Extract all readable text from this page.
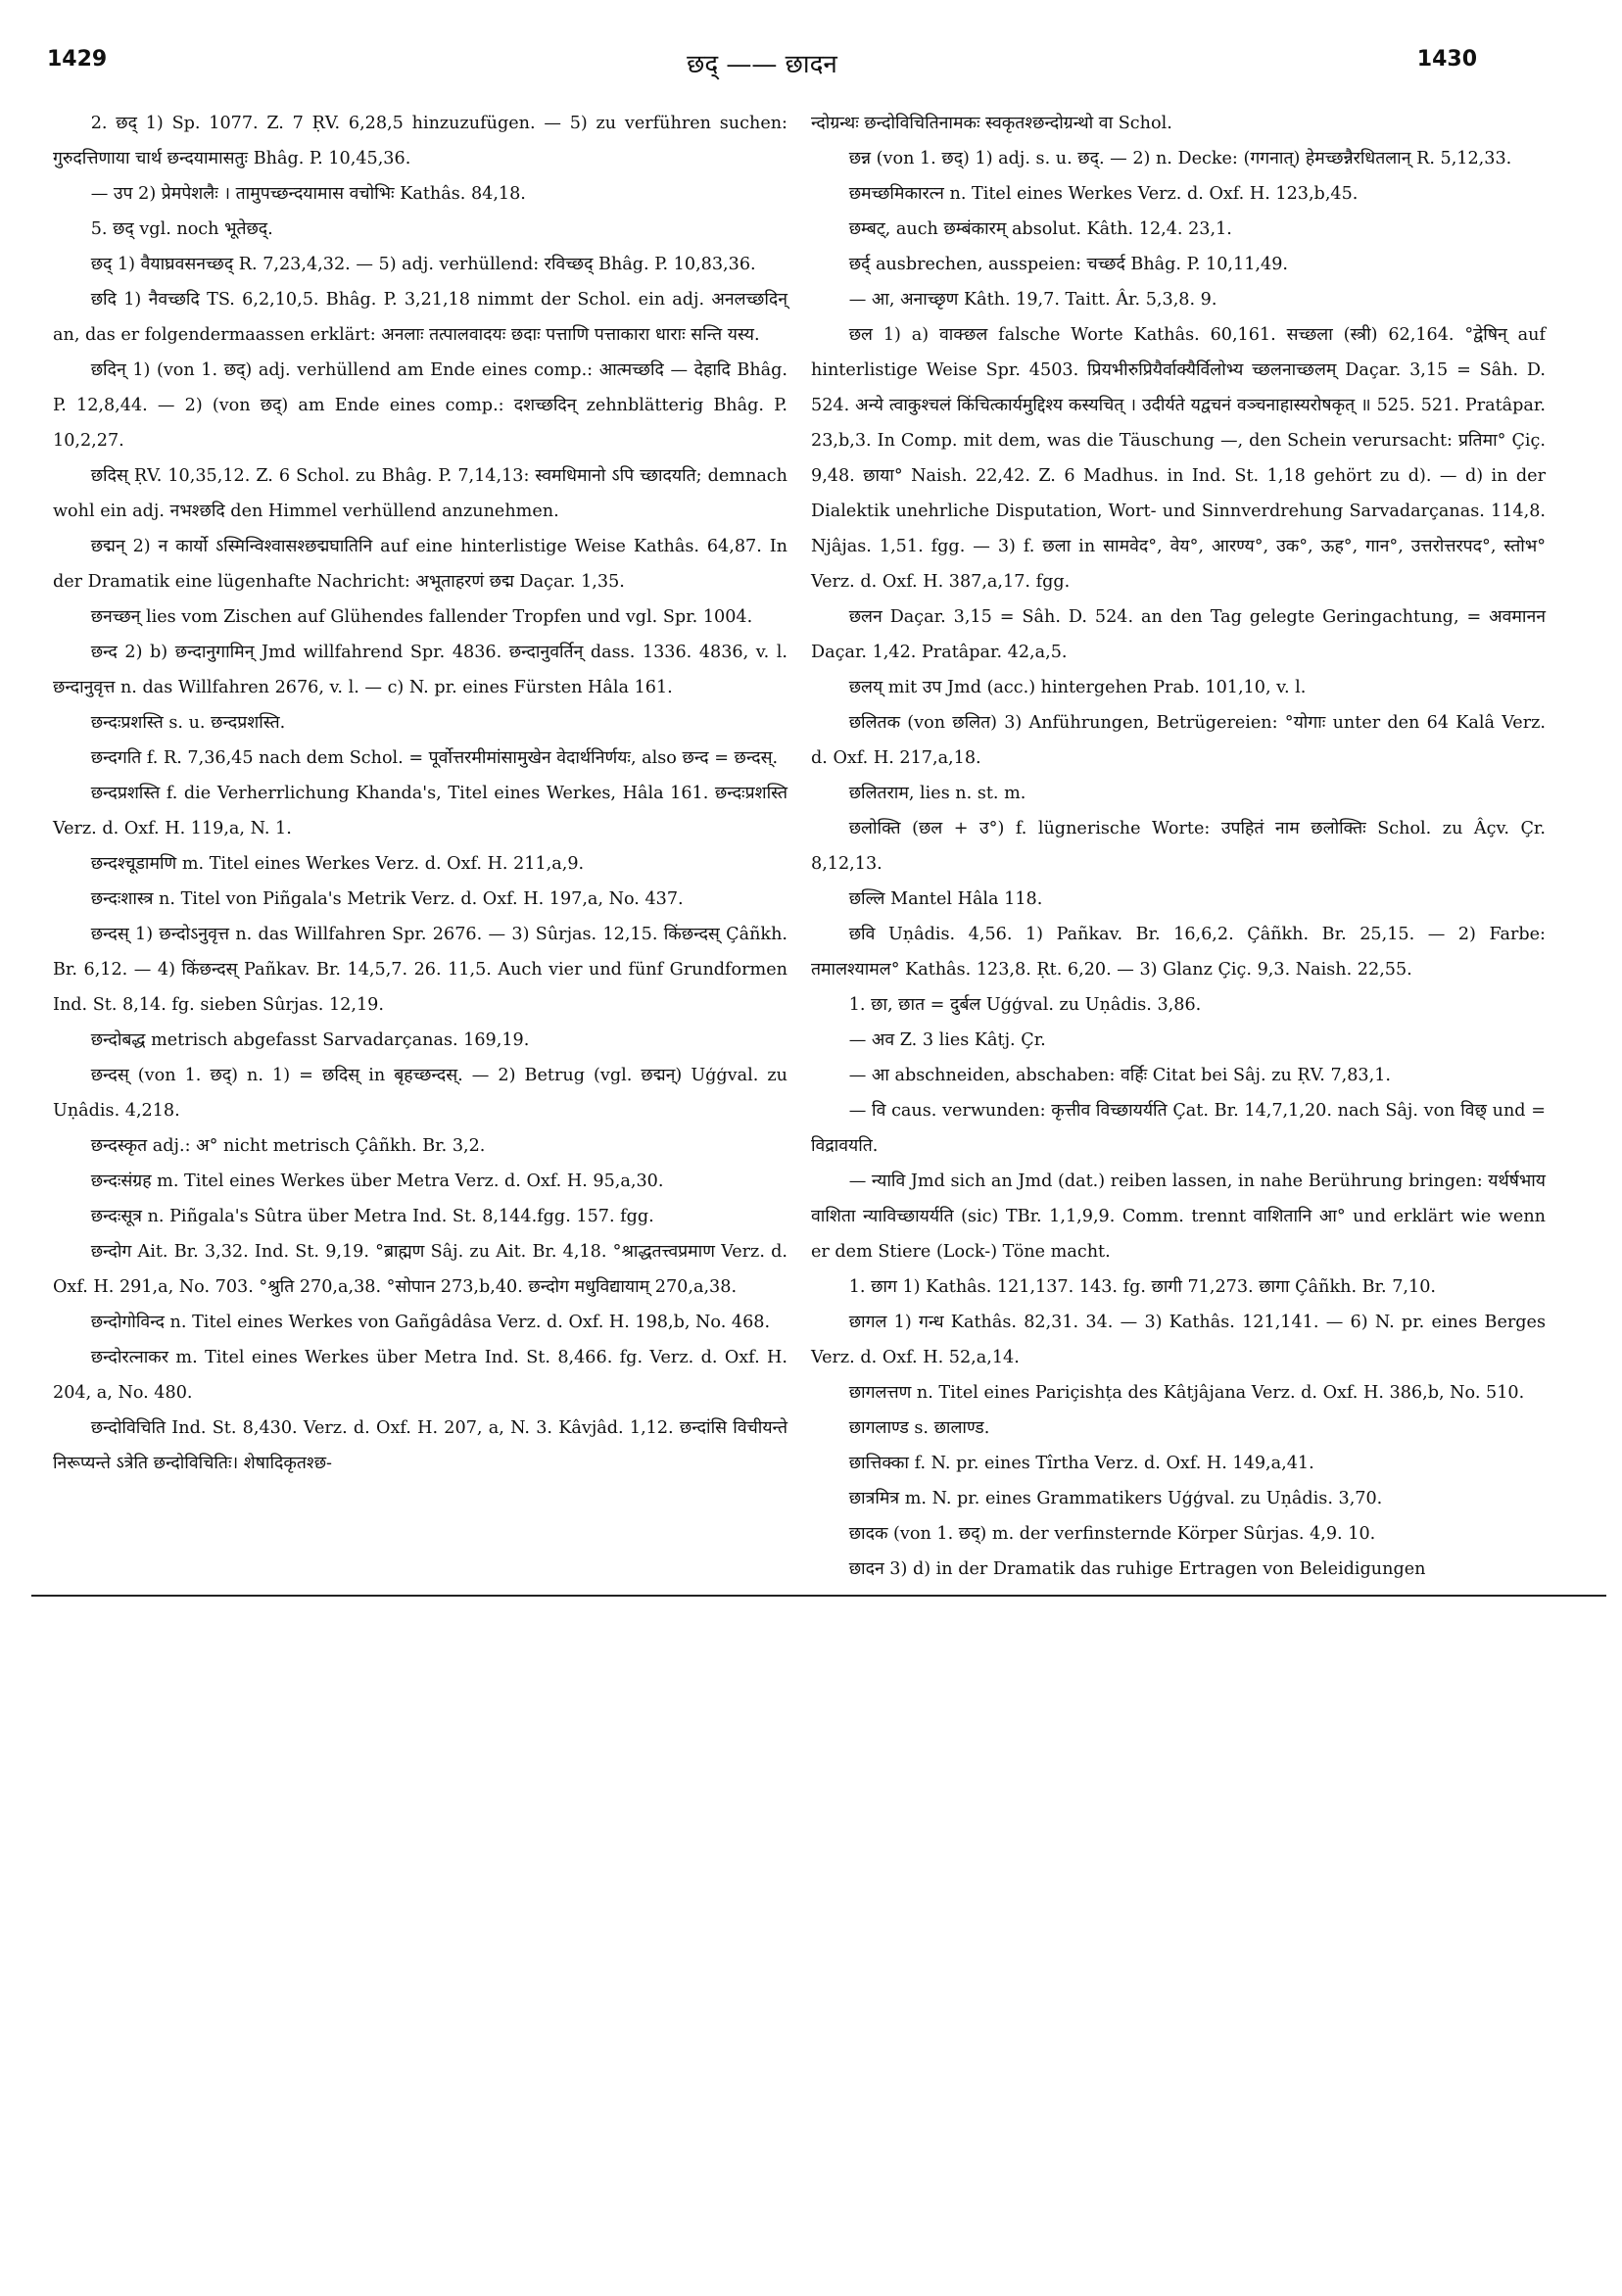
1429	छद् —— छादन	1430

2. छद् 1) Sp. 1077. Z. 7 ṚV. 6,28,5 hinzuzufügen. — 5) zu verführen suchen: गुरुदत्तिणाया चार्थ छन्दयामासतुः Bhâg. P. 10,45,36.

— उप 2) प्रेमपेशलैः । तामुपच्छन्दयामास वचोभिः Kathâs. 84,18.

5. छद् vgl. noch भूतेछद्.

छद् 1) वैयाघ्रवसनच्छद् R. 7,23,4,32. — 5) adj. verhüllend: रविच्छद् Bhâg. P. 10,83,36.

छदि 1) नैवच्छदि TS. 6,2,10,5. Bhâg. P. 3,21,18 nimmt der Schol. ein adj. अनलच्छदिन् an, das er folgendermaassen erklärt: अनलाः तत्पालवादयः छदाः पत्ताणि पत्ताकारा धाराः सन्ति यस्य.

छदिन् 1) (von 1. छद्) adj. verhüllend am Ende eines comp.: आत्मच्छदि — देहादि Bhâg. P. 12,8,44. — 2) (von छद्) am Ende eines comp.: दशच्छदिन् zehnblätterig Bhâg. P. 10,2,27.

छदिस् ṚV. 10,35,12. Z. 6 Schol. zu Bhâg. P. 7,14,13: स्वमधिमानो ऽपि च्छादयति; demnach wohl ein adj. नभश्छदि den Himmel verhüllend anzunehmen.

छद्मन् 2) न कार्यो ऽस्मिन्विश्वासश्छद्मघातिनि auf eine hinterlistige Weise Kathâs. 64,87. In der Dramatik eine lügenhafte Nachricht: अभूताहरणं छद्म Daçar. 1,35.

छनच्छन् lies vom Zischen auf Glühendes fallender Tropfen und vgl. Spr. 1004.

छन्द 2) b) छन्दानुगामिन् Jmd willfahrend Spr. 4836. छन्दानुवर्तिन् dass. 1336. 4836, v. l. छन्दानुवृत्त n. das Willfahren 2676, v. l. — c) N. pr. eines Fürsten Hâla 161.

छन्दःप्रशस्ति s. u. छन्दप्रशस्ति.

छन्दगति f. R. 7,36,45 nach dem Schol. = पूर्वोत्तरमीमांसामुखेन वेदार्थनिर्णयः, also छन्द = छन्दस्.

छन्दप्रशस्ति f. die Verherrlichung Khanda's, Titel eines Werkes, Hâla 161. छन्दःप्रशस्ति Verz. d. Oxf. H. 119,a, N. 1.

छन्दश्चूडामणि m. Titel eines Werkes Verz. d. Oxf. H. 211,a,9.

छन्दःशास्त्र n. Titel von Piñgala's Metrik Verz. d. Oxf. H. 197,a, No. 437.

छन्दस् 1) छन्दोऽनुवृत्त n. das Willfahren Spr. 2676. — 3) Sûrjas. 12,15. किंछन्दस् Çâñkh. Br. 6,12. — 4) किंछन्दस् Pañkav. Br. 14,5,7. 26. 11,5. Auch vier und fünf Grundformen Ind. St. 8,14. fg. sieben Sûrjas. 12,19.

छन्दोबद्ध metrisch abgefasst Sarvadarçanas. 169,19.

छन्दस् (von 1. छद्) n. 1) = छदिस् in बृहच्छन्दस्. — 2) Betrug (vgl. छद्मन्) Uģģval. zu Uṇâdis. 4,218.

छन्दस्कृत adj.: अ° nicht metrisch Çâñkh. Br. 3,2.

छन्दःसंग्रह m. Titel eines Werkes über Metra Verz. d. Oxf. H. 95,a,30.

छन्दःसूत्र n. Piñgala's Sûtra über Metra Ind. St. 8,144.fgg. 157. fgg.

छन्दोग Ait. Br. 3,32. Ind. St. 9,19. °ब्राह्मण Sâj. zu Ait. Br. 4,18. °श्राद्धतत्त्वप्रमाण Verz. d. Oxf. H. 291,a, No. 703. °श्रुति 270,a,38. °सोपान 273,b,40. छन्दोग मधुविद्यायाम् 270,a,38.

छन्दोगोविन्द n. Titel eines Werkes von Gañgâdâsa Verz. d. Oxf. H. 198,b, No. 468.

छन्दोरत्नाकर m. Titel eines Werkes über Metra Ind. St. 8,466. fg. Verz. d. Oxf. H. 204, a, No. 480.

छन्दोविचिति Ind. St. 8,430. Verz. d. Oxf. H. 207, a, N. 3. Kâvjâd. 1,12. छन्दांसि विचीयन्ते निरूप्यन्ते ऽत्रेति छन्दोविचितिः। शेषादिकृतश्छ-

न्दोग्रन्थः छन्दोविचितिनामकः स्वकृतश्छन्दोग्रन्थो वा Schol.

छन्न (von 1. छद्) 1) adj. s. u. छद्. — 2) n. Decke: (गगनात्) हेमच्छन्नैरधितलान् R. 5,12,33.

छमच्छमिकारत्न n. Titel eines Werkes Verz. d. Oxf. H. 123,b,45.

छम्बट्, auch छम्बंकारम् absolut. Kâth. 12,4. 23,1.

छर्द् ausbrechen, ausspeien: चच्छर्द Bhâg. P. 10,11,49.

— आ, अनाच्छृण Kâth. 19,7. Taitt. Âr. 5,3,8. 9.

छल 1) a) वाक्छल falsche Worte Kathâs. 60,161. सच्छला (स्त्री) 62,164. °द्वेषिन् auf hinterlistige Weise Spr. 4503. प्रियभीरुप्रियैर्वाक्यैर्विलोभ्य च्छलनाच्छलम् Daçar. 3,15 = Sâh. D. 524. अन्ये त्वाकुश्चलं किंचित्कार्यमुद्दिश्य कस्यचित् । उदीर्यते यद्वचनं वञ्चनाहास्यरोषकृत् ॥ 525. 521. Pratâpar. 23,b,3. In Comp. mit dem, was die Täuschung —, den Schein verursacht: प्रतिमा° Çiç. 9,48. छाया° Naish. 22,42. Z. 6 Madhus. in Ind. St. 1,18 gehört zu d). — d) in der Dialektik unehrliche Disputation, Wort- und Sinnverdrehung Sarvadarçanas. 114,8. Njâjas. 1,51. fgg. — 3) f. छला in सामवेद°, वेय°, आरण्य°, उक°, ऊह°, गान°, उत्तरोत्तरपद°, स्तोभ° Verz. d. Oxf. H. 387,a,17. fgg.

छलन Daçar. 3,15 = Sâh. D. 524. an den Tag gelegte Geringachtung, = अवमानन Daçar. 1,42. Pratâpar. 42,a,5.

छलय् mit उप Jmd (acc.) hintergehen Prab. 101,10, v. l.

छलितक (von छलित) 3) Anführungen, Betrügereien: °योगाः unter den 64 Kalâ Verz. d. Oxf. H. 217,a,18.

छलितराम, lies n. st. m.

छलोक्ति (छल + उ°) f. lügnerische Worte: उपहितं नाम छलोक्तिः Schol. zu Âçv. Çr. 8,12,13.

छल्लि Mantel Hâla 118.

छवि Uṇâdis. 4,56. 1) Pañkav. Br. 16,6,2. Çâñkh. Br. 25,15. — 2) Farbe: तमालश्यामल° Kathâs. 123,8. Ṛt. 6,20. — 3) Glanz Çiç. 9,3. Naish. 22,55.

1. छा, छात = दुर्बल Uģģval. zu Uṇâdis. 3,86.

— अव Z. 3 lies Kâtj. Çr.

— आ abschneiden, abschaben: वर्हिः Citat bei Sâj. zu ṚV. 7,83,1.

— वि caus. verwunden: कृत्तीव विच्छायर्यति Çat. Br. 14,7,1,20. nach Sâj. von विछ् und = विद्रावयति.

— न्यावि Jmd sich an Jmd (dat.) reiben lassen, in nahe Berührung bringen: यर्थर्षभाय वाशिता न्याविच्छायर्यति (sic) TBr. 1,1,9,9. Comm. trennt वाशितानि आ° und erklärt wie wenn er dem Stiere (Lock-) Töne macht.

1. छाग 1) Kathâs. 121,137. 143. fg. छागी 71,273. छागा Çâñkh. Br. 7,10.

छागल 1) गन्ध Kathâs. 82,31. 34. — 3) Kathâs. 121,141. — 6) N. pr. eines Berges Verz. d. Oxf. H. 52,a,14.

छागलत्तण n. Titel eines Pariçishṭa des Kâtjâjana Verz. d. Oxf. H. 386,b, No. 510.

छागलाण्ड s. छालाण्ड.

छात्तिक्का f. N. pr. eines Tîrtha Verz. d. Oxf. H. 149,a,41.

छात्रमित्र m. N. pr. eines Grammatikers Uģģval. zu Uṇâdis. 3,70.

छादक (von 1. छद्) m. der verfinsternde Körper Sûrjas. 4,9. 10.

छादन 3) d) in der Dramatik das ruhige Ertragen von Beleidigungen
